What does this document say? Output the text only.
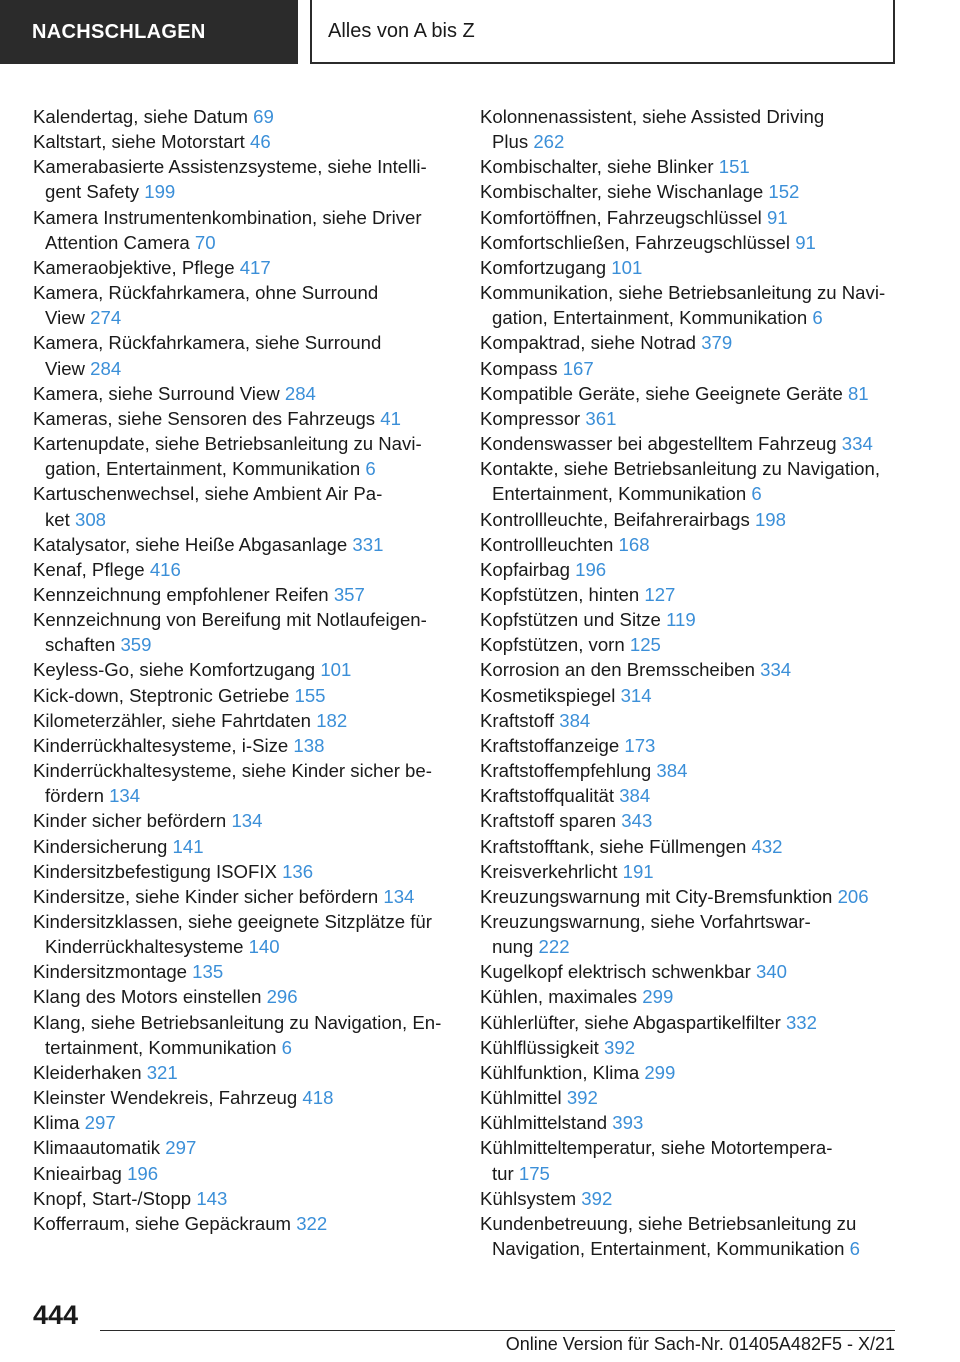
NACHSCHLAGEN	Alles von A bis Z
Kalendertag, siehe Datum 69
Kaltstart, siehe Motorstart 46
Kamerabasierte Assistenzsysteme, siehe Intelli-
gent Safety 199
Kamera Instrumentenkombination, siehe Driver
Attention Camera 70
Kameraobjektive, Pflege 417
Kamera, Rückfahrkamera, ohne Surround
View 274
Kamera, Rückfahrkamera, siehe Surround
View 284
Kamera, siehe Surround View 284
Kameras, siehe Sensoren des Fahrzeugs 41
Kartenupdate, siehe Betriebsanleitung zu Navi-
gation, Entertainment, Kommunikation 6
Kartuschenwechsel, siehe Ambient Air Pa-
ket 308
Katalysator, siehe Heiße Abgasanlage 331
Kenaf, Pflege 416
Kennzeichnung empfohlener Reifen 357
Kennzeichnung von Bereifung mit Notlaufeigen-
schaften 359
Keyless-Go, siehe Komfortzugang 101
Kick-down, Steptronic Getriebe 155
Kilometerzähler, siehe Fahrtdaten 182
Kinderrückhaltesysteme, i-Size 138
Kinderrückhaltesysteme, siehe Kinder sicher be-
fördern 134
Kinder sicher befördern 134
Kindersicherung 141
Kindersitzbefestigung ISOFIX 136
Kindersitze, siehe Kinder sicher befördern 134
Kindersitzklassen, siehe geeignete Sitzplätze für
Kinderrückhaltesysteme 140
Kindersitzmontage 135
Klang des Motors einstellen 296
Klang, siehe Betriebsanleitung zu Navigation, En-
tertainment, Kommunikation 6
Kleiderhaken 321
Kleinster Wendekreis, Fahrzeug 418
Klima 297
Klimaautomatik 297
Knieairbag 196
Knopf, Start-/Stopp 143
Kofferraum, siehe Gepäckraum 322
Kolonnenassistent, siehe Assisted Driving
Plus 262
Kombischalter, siehe Blinker 151
Kombischalter, siehe Wischanlage 152
Komfortöffnen, Fahrzeugschlüssel 91
Komfortschließen, Fahrzeugschlüssel 91
Komfortzugang 101
Kommunikation, siehe Betriebsanleitung zu Navi-
gation, Entertainment, Kommunikation 6
Kompaktrad, siehe Notrad 379
Kompass 167
Kompatible Geräte, siehe Geeignete Geräte 81
Kompressor 361
Kondenswasser bei abgestelltem Fahrzeug 334
Kontakte, siehe Betriebsanleitung zu Navigation,
Entertainment, Kommunikation 6
Kontrollleuchte, Beifahrerairbags 198
Kontrollleuchten 168
Kopfairbag 196
Kopfstützen, hinten 127
Kopfstützen und Sitze 119
Kopfstützen, vorn 125
Korrosion an den Bremsscheiben 334
Kosmetikspiegel 314
Kraftstoff 384
Kraftstoffanzeige 173
Kraftstoffempfehlung 384
Kraftstoffqualität 384
Kraftstoff sparen 343
Kraftstofftank, siehe Füllmengen 432
Kreisverkehrlicht 191
Kreuzungswarnung mit City-Bremsfunktion 206
Kreuzungswarnung, siehe Vorfahrtswar-
nung 222
Kugelkopf elektrisch schwenkbar 340
Kühlen, maximales 299
Kühlerlüfter, siehe Abgaspartikelfilter 332
Kühlflüssigkeit 392
Kühlfunktion, Klima 299
Kühlmittel 392
Kühlmittelstand 393
Kühlmitteltemperatur, siehe Motortempera-
tur 175
Kühlsystem 392
Kundenbetreuung, siehe Betriebsanleitung zu
Navigation, Entertainment, Kommunikation 6
444
Online Version für Sach-Nr. 01405A482F5 - X/21
